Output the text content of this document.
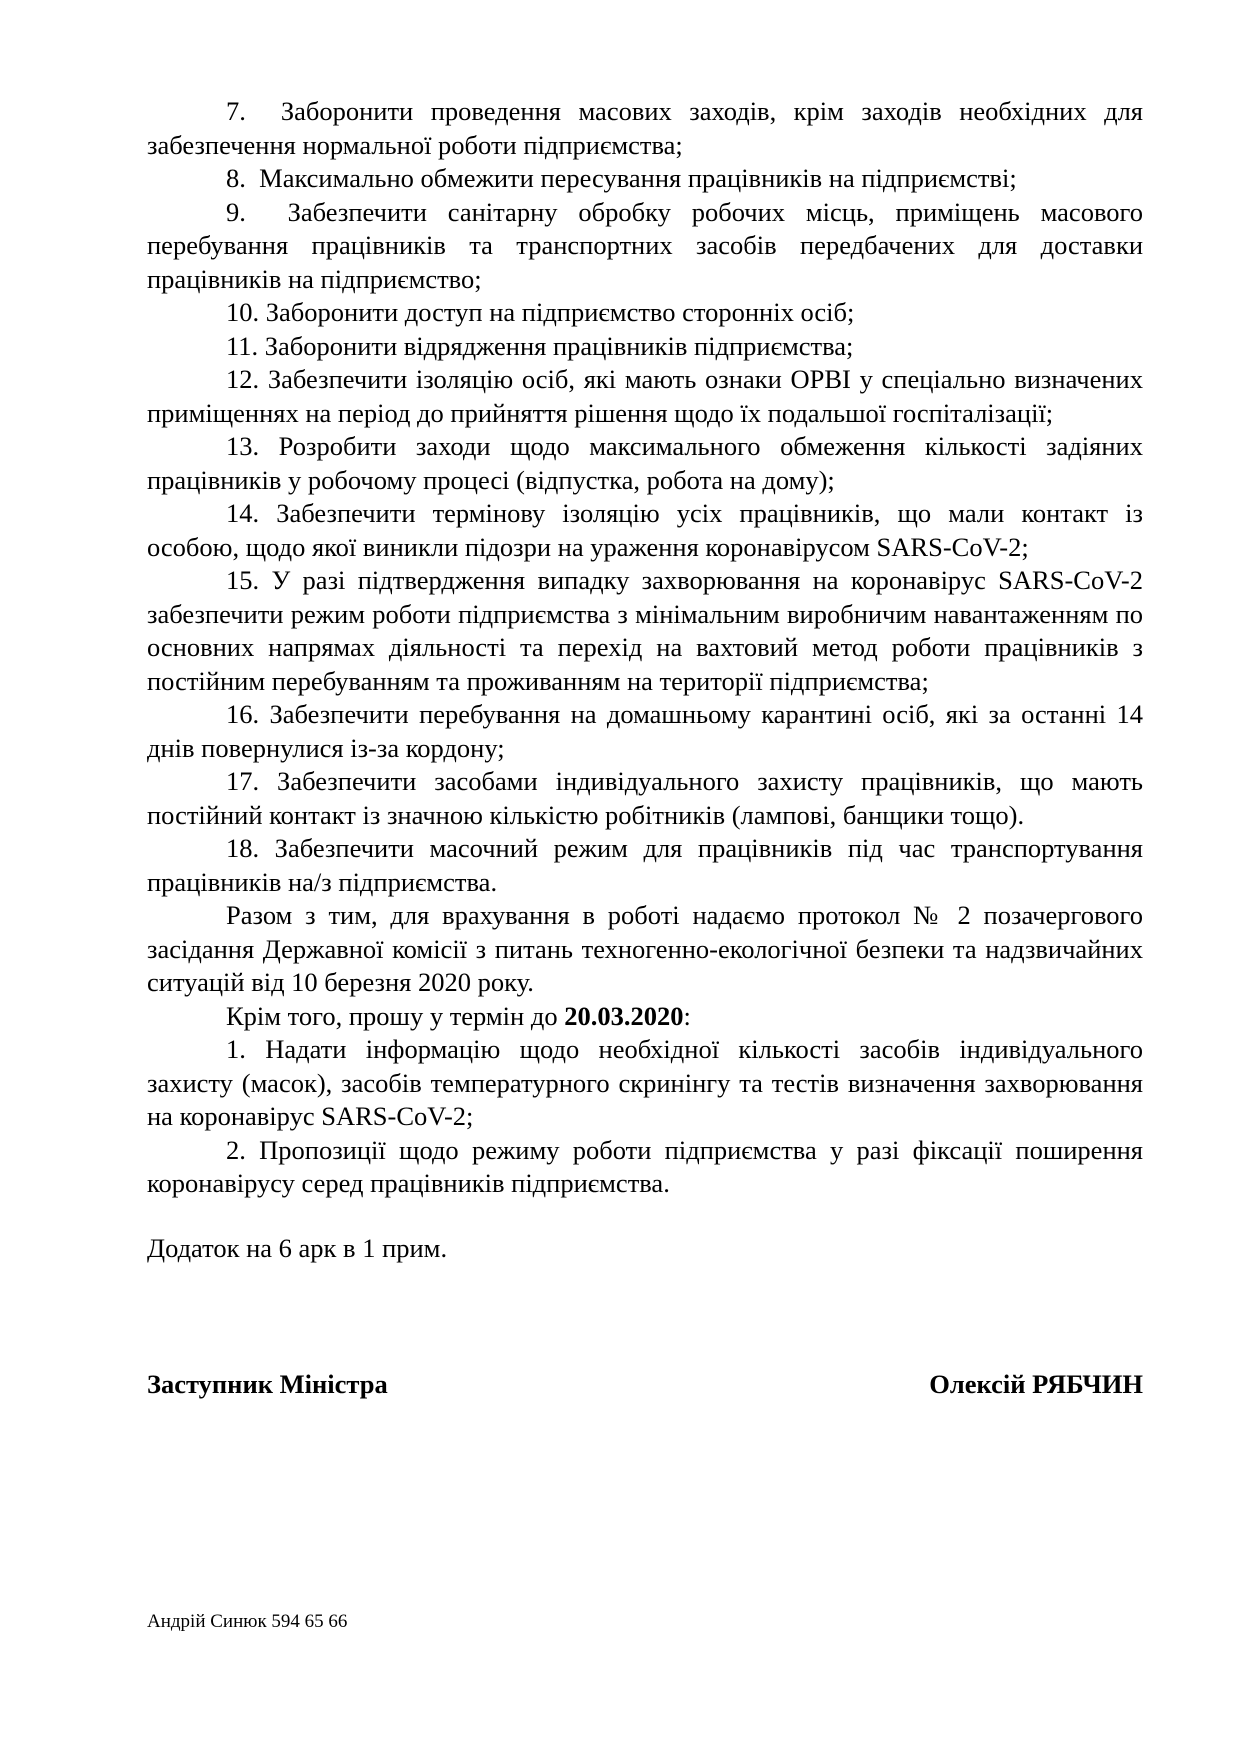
7.  Заборонити проведення масових заходів, крім заходів необхідних для забезпечення нормальної роботи підприємства;

8.  Максимально обмежити пересування працівників на підприємстві;

9.  Забезпечити санітарну обробку робочих місць, приміщень масового перебування працівників та транспортних засобів передбачених для доставки працівників на підприємство;

10. Заборонити доступ на підприємство сторонніх осіб;

11. Заборонити відрядження працівників підприємства;

12. Забезпечити ізоляцію осіб, які мають ознаки ОРВІ у спеціально визначених приміщеннях на період до прийняття рішення щодо їх подальшої госпіталізації;

13. Розробити заходи щодо максимального обмеження кількості задіяних працівників у робочому процесі (відпустка, робота на дому);

14. Забезпечити термінову ізоляцію усіх працівників, що мали контакт із особою, щодо якої виникли підозри на ураження коронавірусом SARS-CoV-2;

15. У разі підтвердження випадку захворювання на коронавірус SARS-CoV-2 забезпечити режим роботи підприємства з мінімальним виробничим навантаженням по основних напрямах діяльності та перехід на вахтовий метод роботи працівників з постійним перебуванням та проживанням на території підприємства;

16. Забезпечити перебування на домашньому карантині осіб, які за останні 14 днів повернулися із-за кордону;

17. Забезпечити засобами індивідуального захисту працівників, що мають постійний контакт із значною кількістю робітників (лампові, банщики тощо).

18. Забезпечити масочний режим для працівників під час транспортування працівників на/з підприємства.

Разом з тим, для врахування в роботі надаємо протокол № 2 позачергового засідання Державної комісії з питань техногенно-екологічної безпеки та надзвичайних ситуацій від 10 березня 2020 року.

Крім того, прошу у термін до 20.03.2020:

1. Надати інформацію щодо необхідної кількості засобів індивідуального захисту (масок), засобів температурного скринінгу та тестів визначення захворювання на коронавірус SARS-CoV-2;

2. Пропозиції щодо режиму роботи підприємства у разі фіксації поширення коронавірусу серед працівників підприємства.

Додаток на 6 арк в 1 прим.

Заступник Міністра	Олексій РЯБЧИН
Андрій Синюк 594 65 66
